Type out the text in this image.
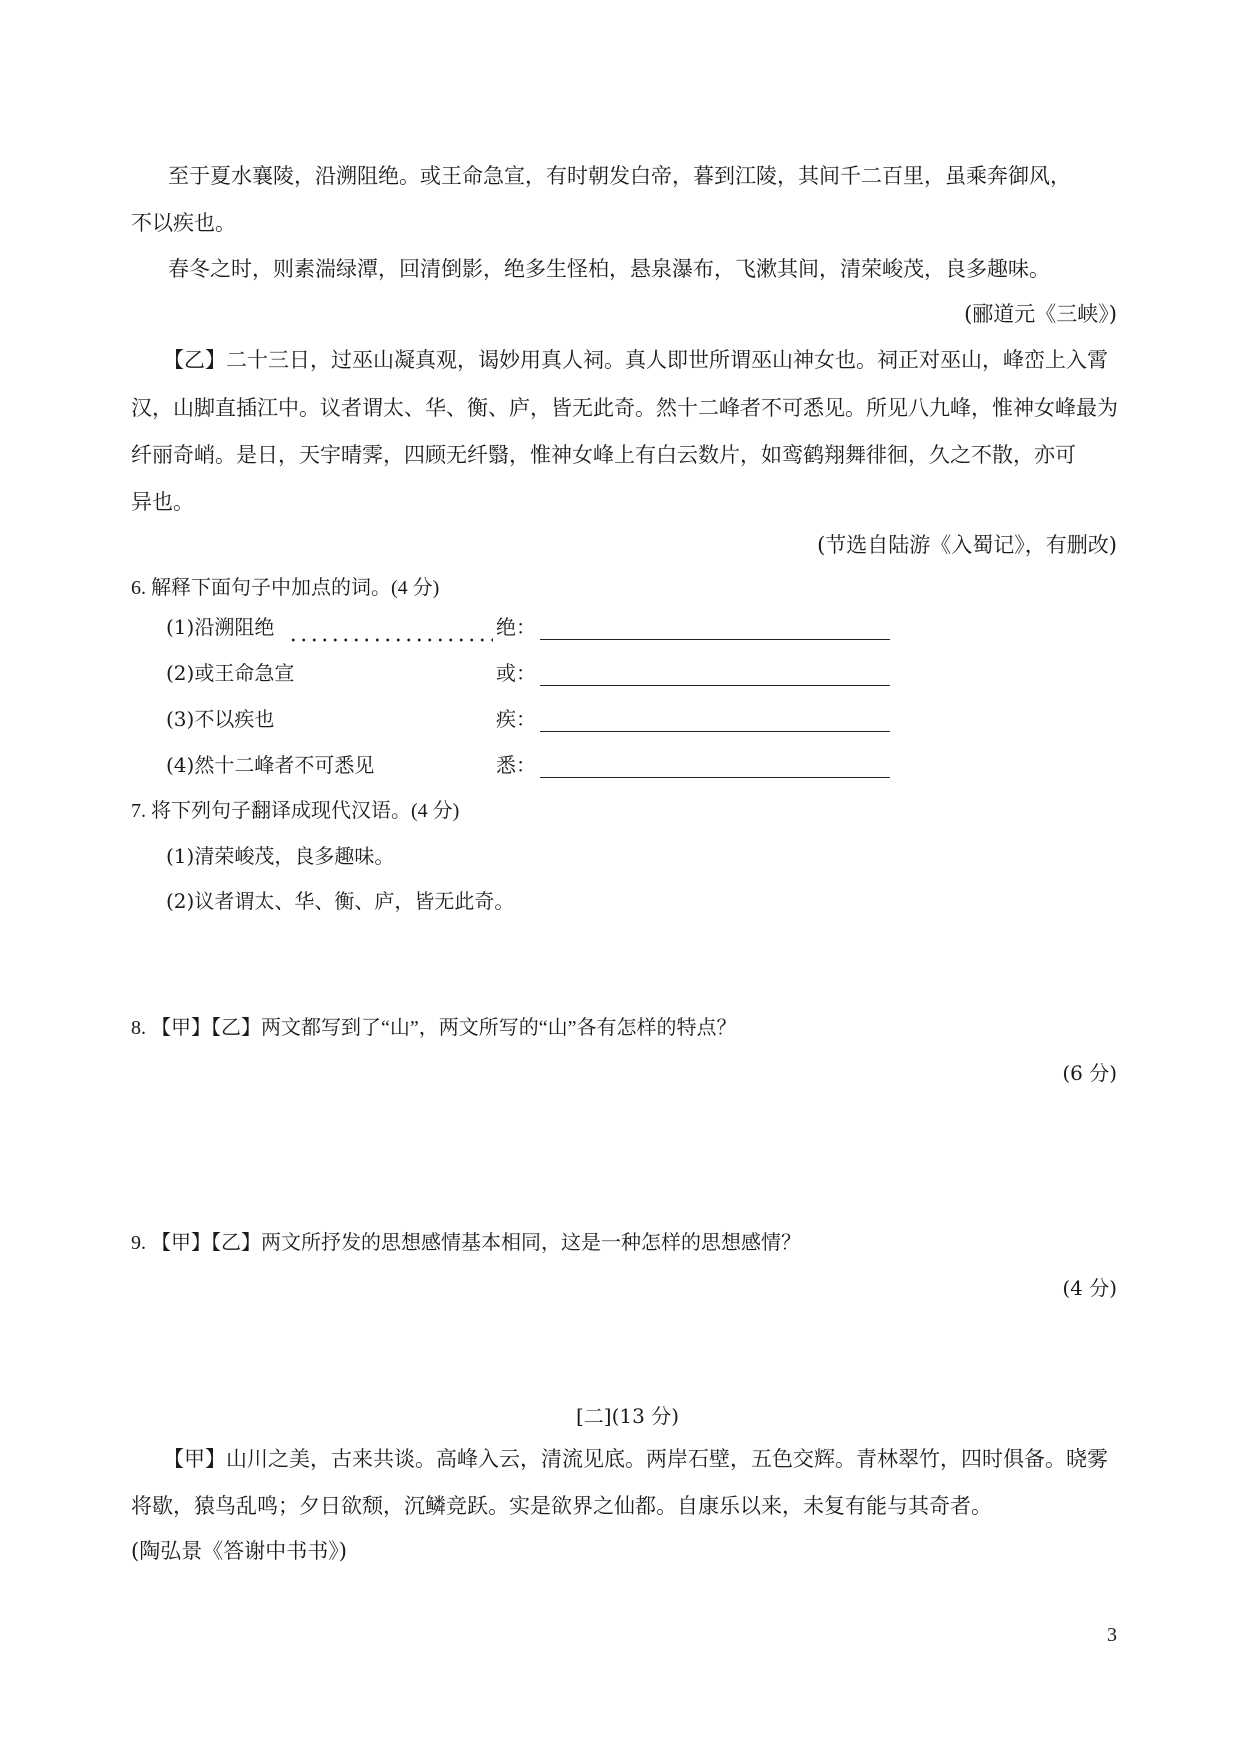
至于夏水襄陵，沿溯阻绝。或王命急宣，有时朝发白帝，暮到江陵，其间千二百里，虽乘奔御风，

不以疾也。

春冬之时，则素湍绿潭，回清倒影，绝多生怪柏，悬泉瀑布，飞漱其间，清荣峻茂，良多趣味。

(郦道元《三峡》)

【乙】二十三日，过巫山凝真观，谒妙用真人祠。真人即世所谓巫山神女也。祠正对巫山，峰峦上入霄

汉，山脚直插江中。议者谓太、华、衡、庐，皆无此奇。然十二峰者不可悉见。所见八九峰，惟神女峰最为

纤丽奇峭。是日，天宇晴霁，四顾无纤翳，惟神女峰上有白云数片，如鸾鹤翔舞徘徊，久之不散，亦可

异也。

(节选自陆游《入蜀记》，有删改)

6. 解释下面句子中加点的词。(4 分)

(1)沿溯阻绝	绝：
(2)或王命急宣	或：
(3)不以疾也	疾：
(4)然十二峰者不可悉见	悉：

7. 将下列句子翻译成现代汉语。(4 分)

(1)清荣峻茂，良多趣味。

(2)议者谓太、华、衡、庐，皆无此奇。

8. 【甲】【乙】两文都写到了“山”，两文所写的“山”各有怎样的特点？

(6 分)

9. 【甲】【乙】两文所抒发的思想感情基本相同，这是一种怎样的思想感情？

(4 分)

[二](13 分)

【甲】山川之美，古来共谈。高峰入云，清流见底。两岸石壁，五色交辉。青林翠竹，四时俱备。晓雾

将歇，猿鸟乱鸣；夕日欲颓，沉鳞竞跃。实是欲界之仙都。自康乐以来，未复有能与其奇者。

(陶弘景《答谢中书书》)

3
